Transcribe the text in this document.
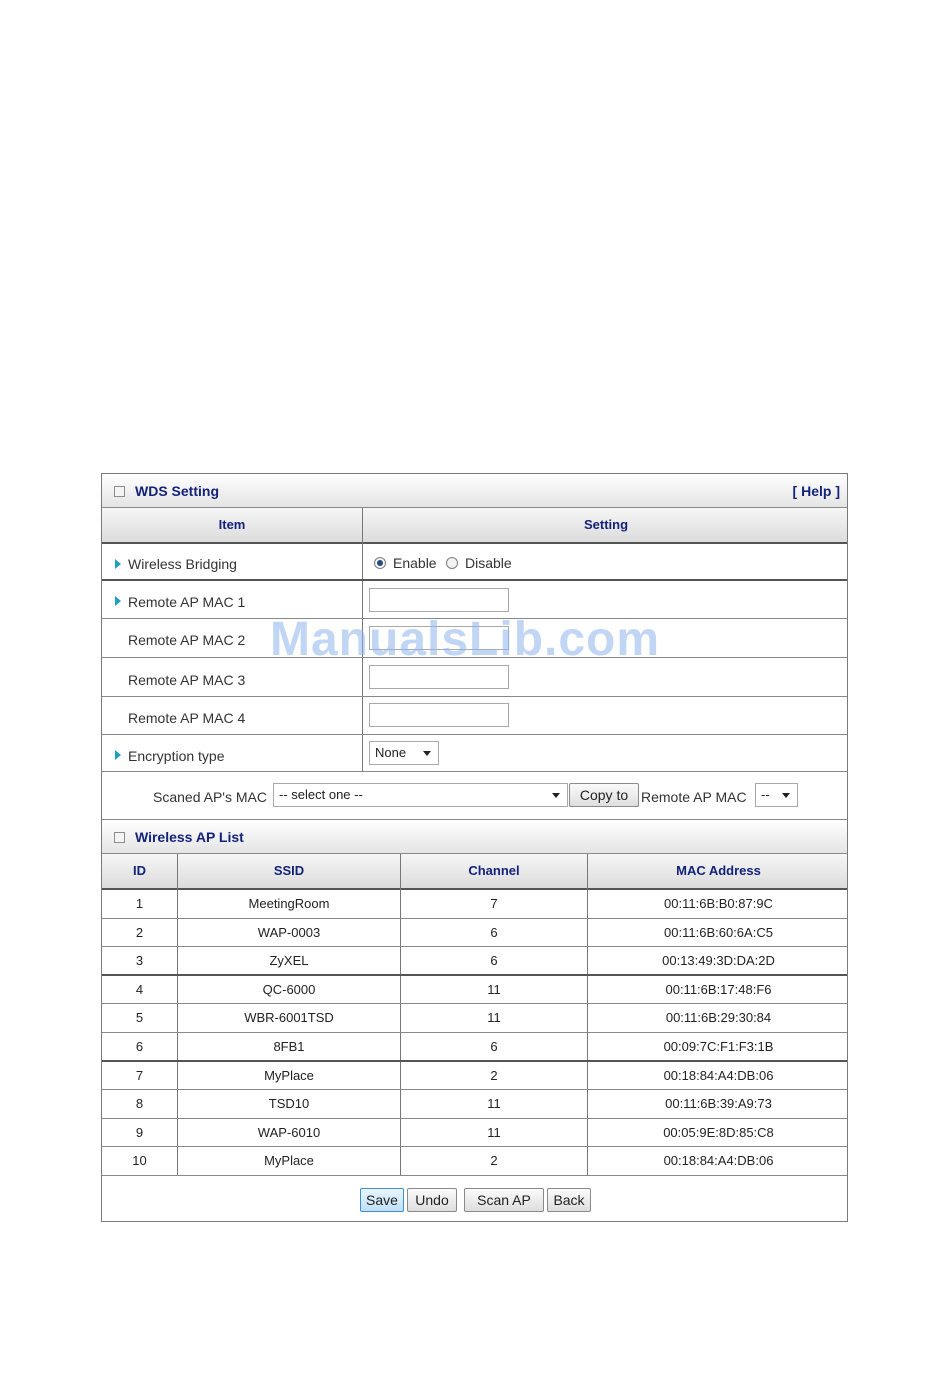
WDS Setting	[ Help ]
Item	Setting
Wireless Bridging	Enable Disable
Remote AP MAC 1
Remote AP MAC 2
Remote AP MAC 3
Remote AP MAC 4
Encryption type	None
Scaned AP's MAC -- select one --	Copy to Remote AP MAC	--
Wireless AP List
ID	SSID	Channel	MAC Address
1	MeetingRoom	7	00:11:6B:B0:87:9C
2	WAP-0003	6	00:11:6B:60:6A:C5
3	ZyXEL	6	00:13:49:3D:DA:2D
4	QC-6000	11	00:11:6B:17:48:F6
5	WBR-6001TSD	11	00:11:6B:29:30:84
6	8FB1	6	00:09:7C:F1:F3:1B
7	MyPlace	2	00:18:84:A4:DB:06
8	TSD10	11	00:11:6B:39:A9:73
9	WAP-6010	11	00:05:9E:8D:85:C8
10	MyPlace	2	00:18:84:A4:DB:06
Save	Undo	Scan AP	Back
ManualsLib.com
